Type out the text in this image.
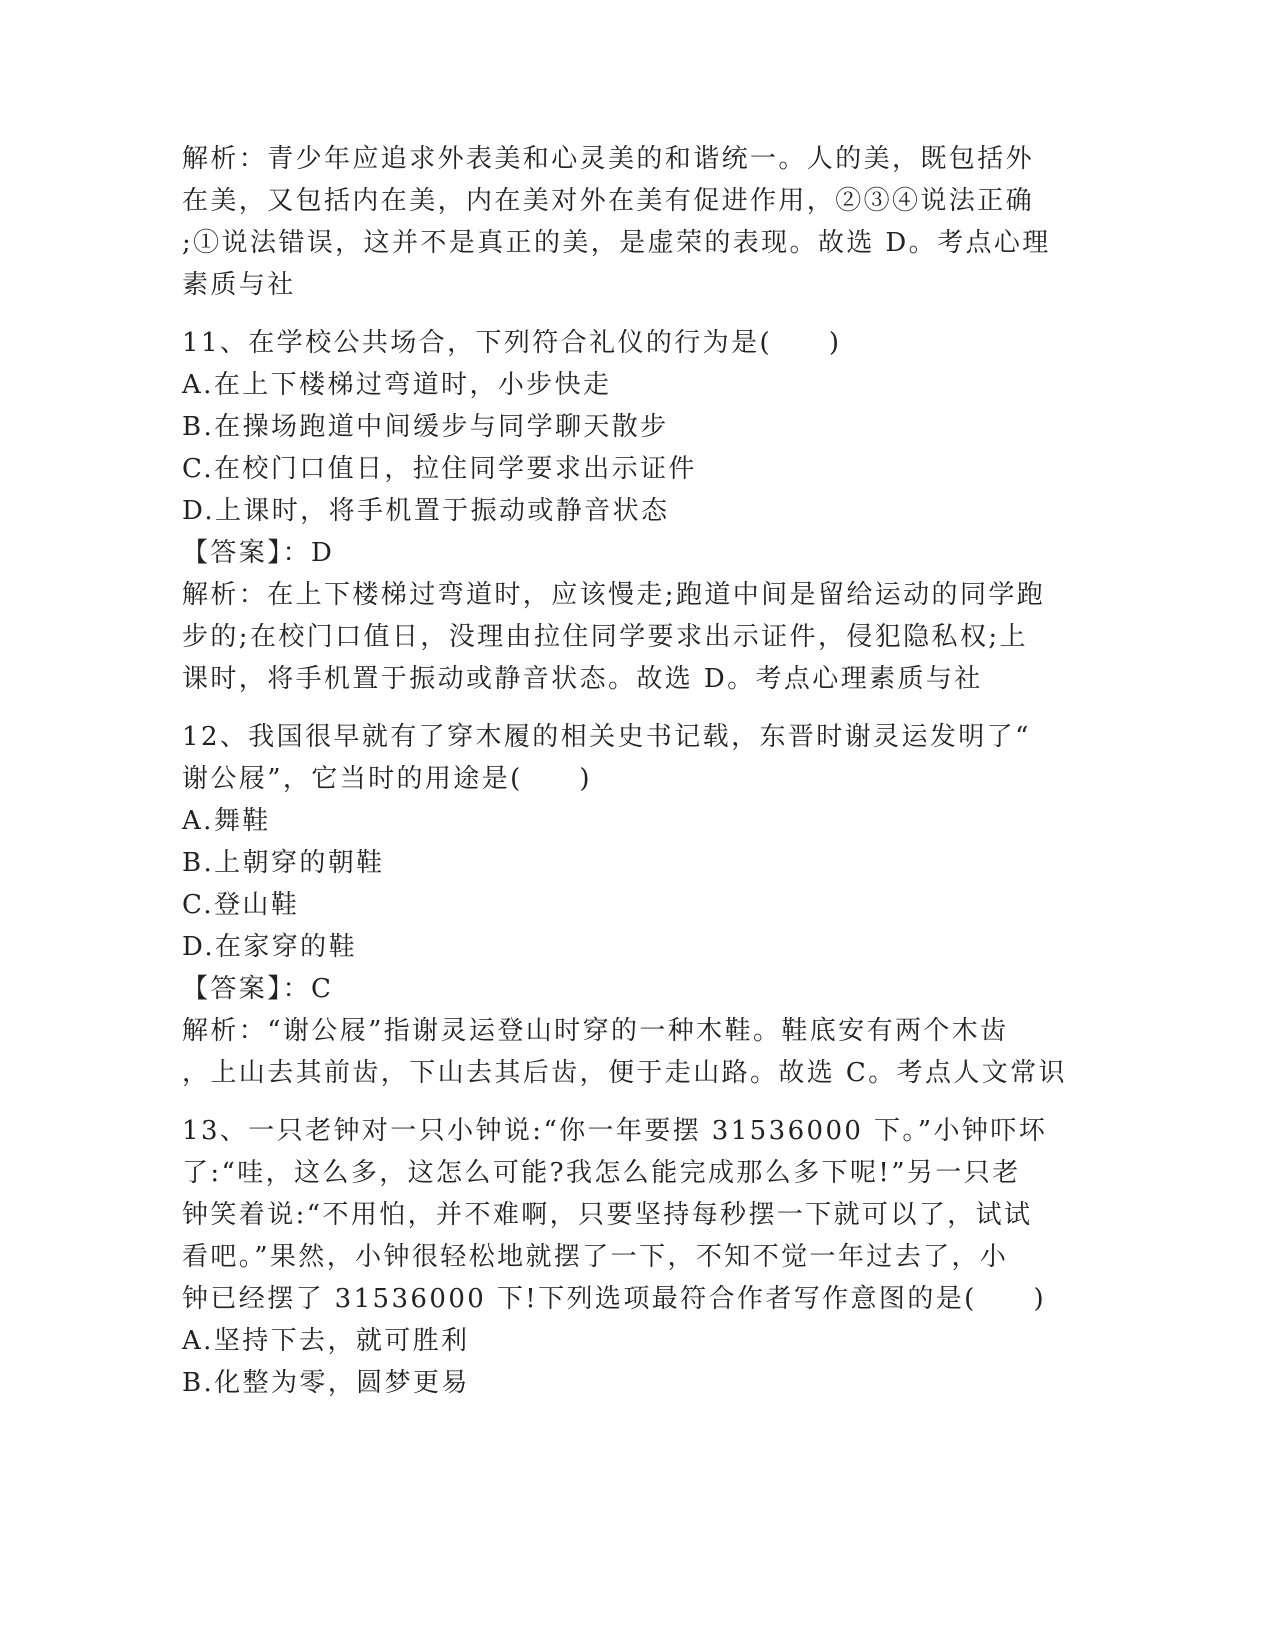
解析：青少年应追求外表美和心灵美的和谐统一。人的美，既包括外
在美，又包括内在美，内在美对外在美有促进作用，②③④说法正确
;①说法错误，这并不是真正的美，是虚荣的表现。故选 D。考点心理
素质与社
11、在学校公共场合，下列符合礼仪的行为是(　　)
A.在上下楼梯过弯道时，小步快走
B.在操场跑道中间缓步与同学聊天散步
C.在校门口值日，拉住同学要求出示证件
D.上课时，将手机置于振动或静音状态
【答案】：D
解析：在上下楼梯过弯道时，应该慢走;跑道中间是留给运动的同学跑
步的;在校门口值日，没理由拉住同学要求出示证件，侵犯隐私权;上
课时，将手机置于振动或静音状态。故选 D。考点心理素质与社
12、我国很早就有了穿木履的相关史书记载，东晋时谢灵运发明了“
谢公屐”，它当时的用途是(　　)
A.舞鞋
B.上朝穿的朝鞋
C.登山鞋
D.在家穿的鞋
【答案】：C
解析：“谢公屐”指谢灵运登山时穿的一种木鞋。鞋底安有两个木齿
，上山去其前齿，下山去其后齿，便于走山路。故选 C。考点人文常识
13、一只老钟对一只小钟说:“你一年要摆 31536000 下。”小钟吓坏
了:“哇，这么多，这怎么可能?我怎么能完成那么多下呢!”另一只老
钟笑着说:“不用怕，并不难啊，只要坚持每秒摆一下就可以了，试试
看吧。”果然，小钟很轻松地就摆了一下，不知不觉一年过去了，小
钟已经摆了 31536000 下!下列选项最符合作者写作意图的是(　　)
A.坚持下去，就可胜利
B.化整为零，圆梦更易
